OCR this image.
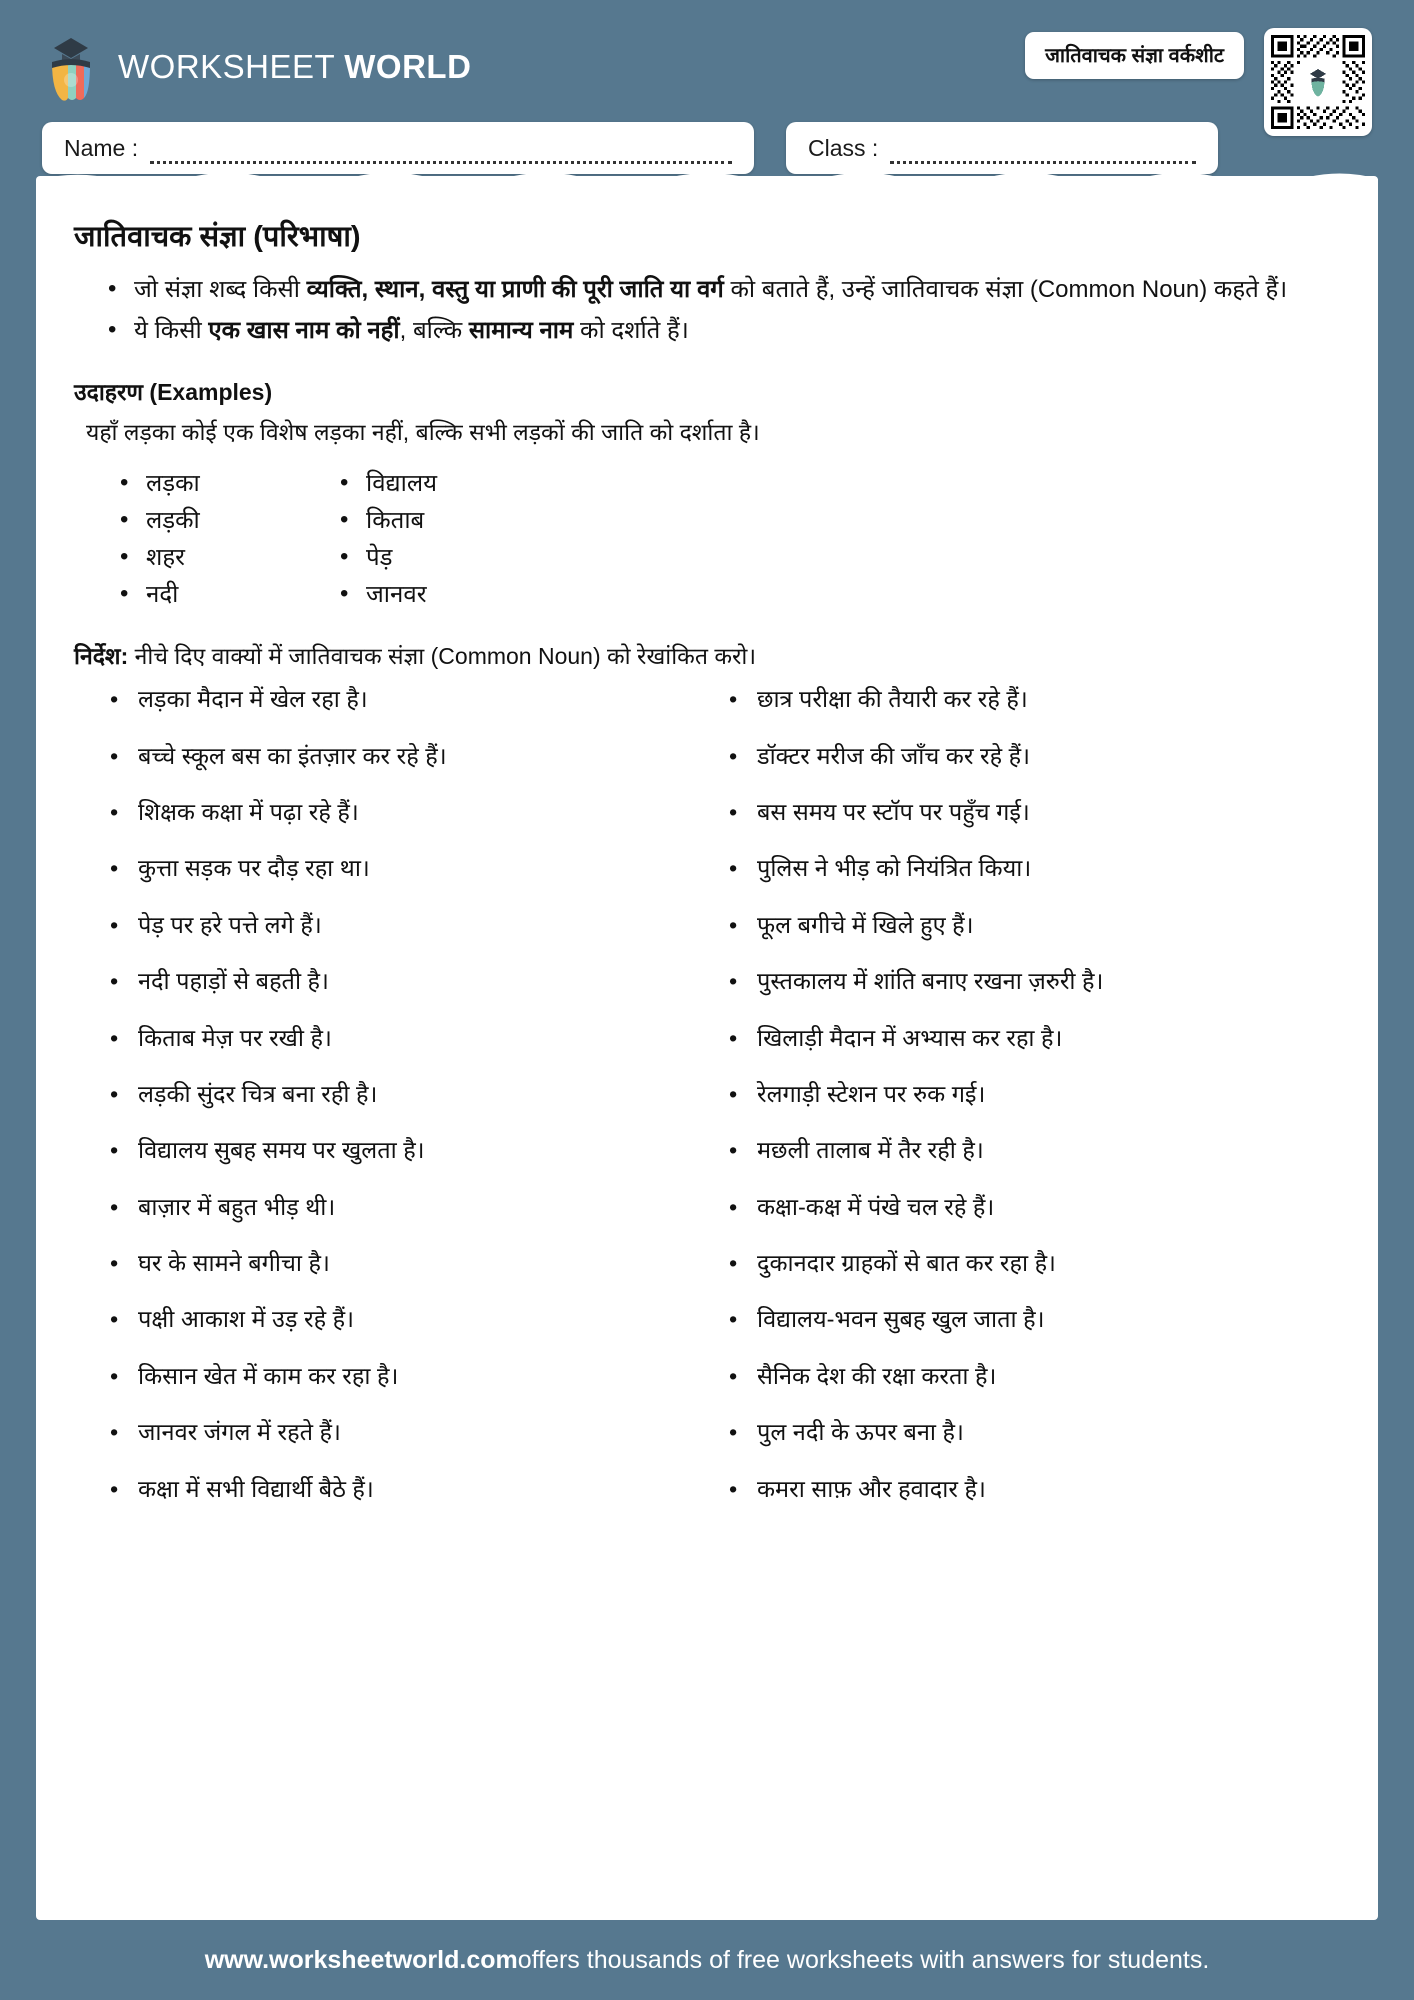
WORKSHEET WORLD	जातिवाचक संज्ञा वर्कशीट
Name :	Class :
जातिवाचक संज्ञा (परिभाषा)
• जो संज्ञा शब्द किसी व्यक्ति, स्थान, वस्तु या प्राणी की पूरी जाति या वर्ग को बताते हैं, उन्हें जातिवाचक संज्ञा (Common Noun) कहते हैं।
• ये किसी एक खास नाम को नहीं, बल्कि सामान्य नाम को दर्शाते हैं।
उदाहरण (Examples)

यहाँ लड़का कोई एक विशेष लड़का नहीं, बल्कि सभी लड़कों की जाति को दर्शाता है।

• लड़का
• लड़की
• शहर
• नदी
• विद्यालय
• किताब
• पेड़
• जानवर

निर्देश: नीचे दिए वाक्यों में जातिवाचक संज्ञा (Common Noun) को रेखांकित करो।

• लड़का मैदान में खेल रहा है।
• बच्चे स्कूल बस का इंतज़ार कर रहे हैं।
• शिक्षक कक्षा में पढ़ा रहे हैं।
• कुत्ता सड़क पर दौड़ रहा था।
• पेड़ पर हरे पत्ते लगे हैं।
• नदी पहाड़ों से बहती है।
• किताब मेज़ पर रखी है।
• लड़की सुंदर चित्र बना रही है।
• विद्यालय सुबह समय पर खुलता है।
• बाज़ार में बहुत भीड़ थी।
• घर के सामने बगीचा है।
• पक्षी आकाश में उड़ रहे हैं।
• किसान खेत में काम कर रहा है।
• जानवर जंगल में रहते हैं।
• कक्षा में सभी विद्यार्थी बैठे हैं।
• छात्र परीक्षा की तैयारी कर रहे हैं।
• डॉक्टर मरीज की जाँच कर रहे हैं।
• बस समय पर स्टॉप पर पहुँच गई।
• पुलिस ने भीड़ को नियंत्रित किया।
• फूल बगीचे में खिले हुए हैं।
• पुस्तकालय में शांति बनाए रखना ज़रुरी है।
• खिलाड़ी मैदान में अभ्यास कर रहा है।
• रेलगाड़ी स्टेशन पर रुक गई।
• मछली तालाब में तैर रही है।
• कक्षा-कक्ष में पंखे चल रहे हैं।
• दुकानदार ग्राहकों से बात कर रहा है।
• विद्यालय-भवन सुबह खुल जाता है।
• सैनिक देश की रक्षा करता है।
• पुल नदी के ऊपर बना है।
• कमरा साफ़ और हवादार है।
www.worksheetworld.com offers thousands of free worksheets with answers for students.
